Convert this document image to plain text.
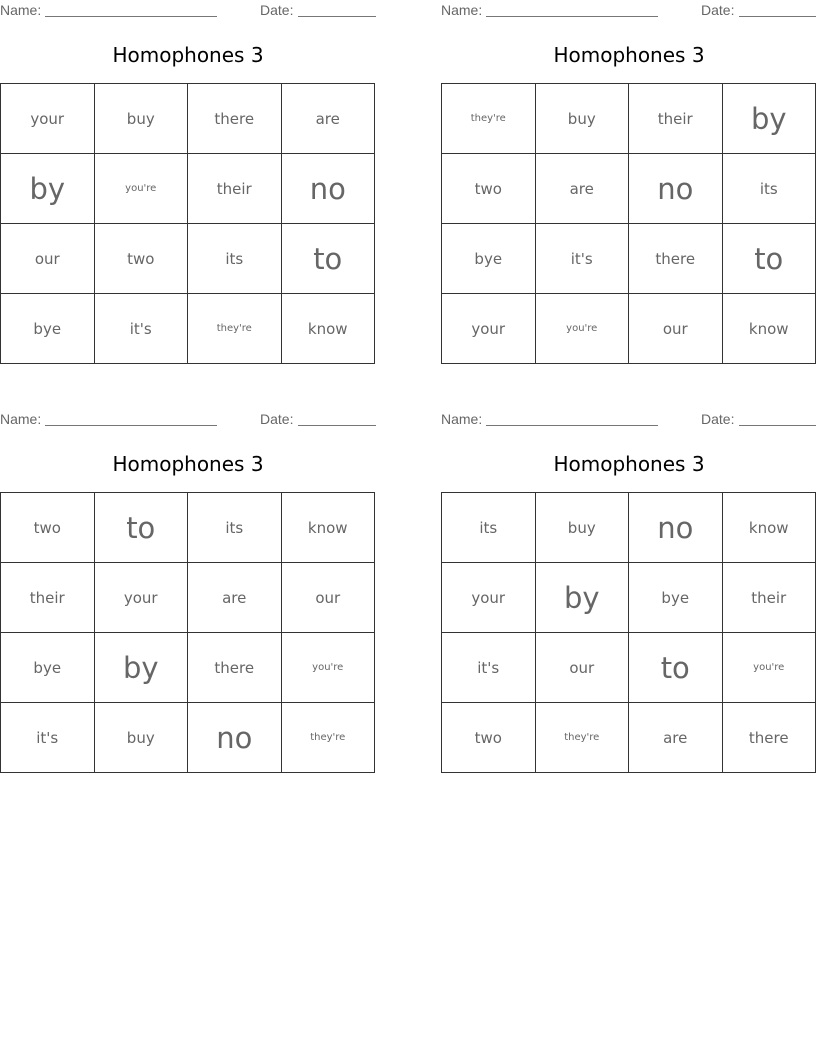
Name:	Date:
Homophones 3
your	buy	there	are
by	you're	their	no
our	two	its	to
bye	it's	they're	know
Name:	Date:
Homophones 3
they're	buy	their	by
two	are	no	its
bye	it's	there	to
your	you're	our	know
Name:	Date:
Homophones 3
two	to	its	know
their	your	are	our
bye	by	there	you're
it's	buy	no	they're
Name:	Date:
Homophones 3
its	buy	no	know
your	by	bye	their
it's	our	to	you're
two	they're	are	there
